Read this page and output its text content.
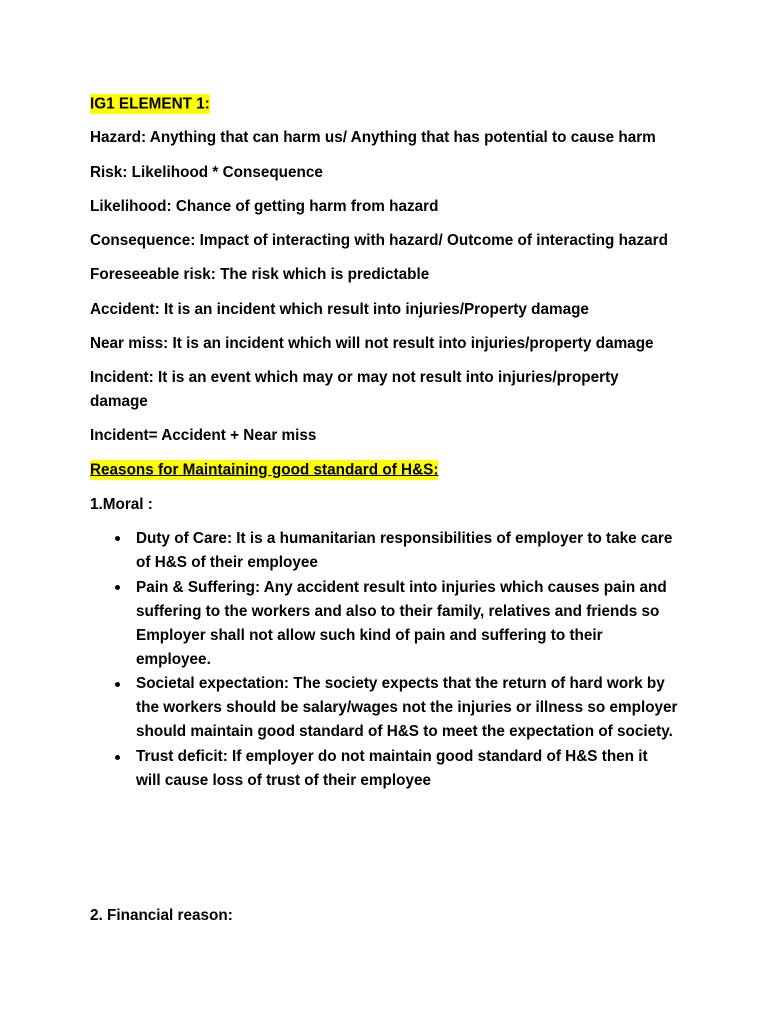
IG1 ELEMENT 1:

Hazard: Anything that can harm us/ Anything that has potential to cause harm

Risk: Likelihood * Consequence

Likelihood: Chance of getting harm from hazard

Consequence: Impact of interacting with hazard/ Outcome of interacting hazard

Foreseeable risk: The risk which is predictable

Accident: It is an incident which result into injuries/Property damage

Near miss: It is an incident which will not result into injuries/property damage

Incident: It is an event which may or may not result into injuries/property
damage

Incident= Accident + Near miss

Reasons for Maintaining good standard of H&S:

1.Moral :

Duty of Care: It is a humanitarian responsibilities of employer to take care
of H&S of their employee
Pain & Suffering: Any accident result into injuries which causes pain and
suffering to the workers and also to their family, relatives and friends so
Employer shall not allow such kind of pain and suffering to their
employee.
Societal expectation: The society expects that the return of hard work by
the workers should be salary/wages not the injuries or illness so employer
should maintain good standard of H&S to meet the expectation of society.
Trust deficit: If employer do not maintain good standard of H&S then it
will cause loss of trust of their employee

2. Financial reason:
